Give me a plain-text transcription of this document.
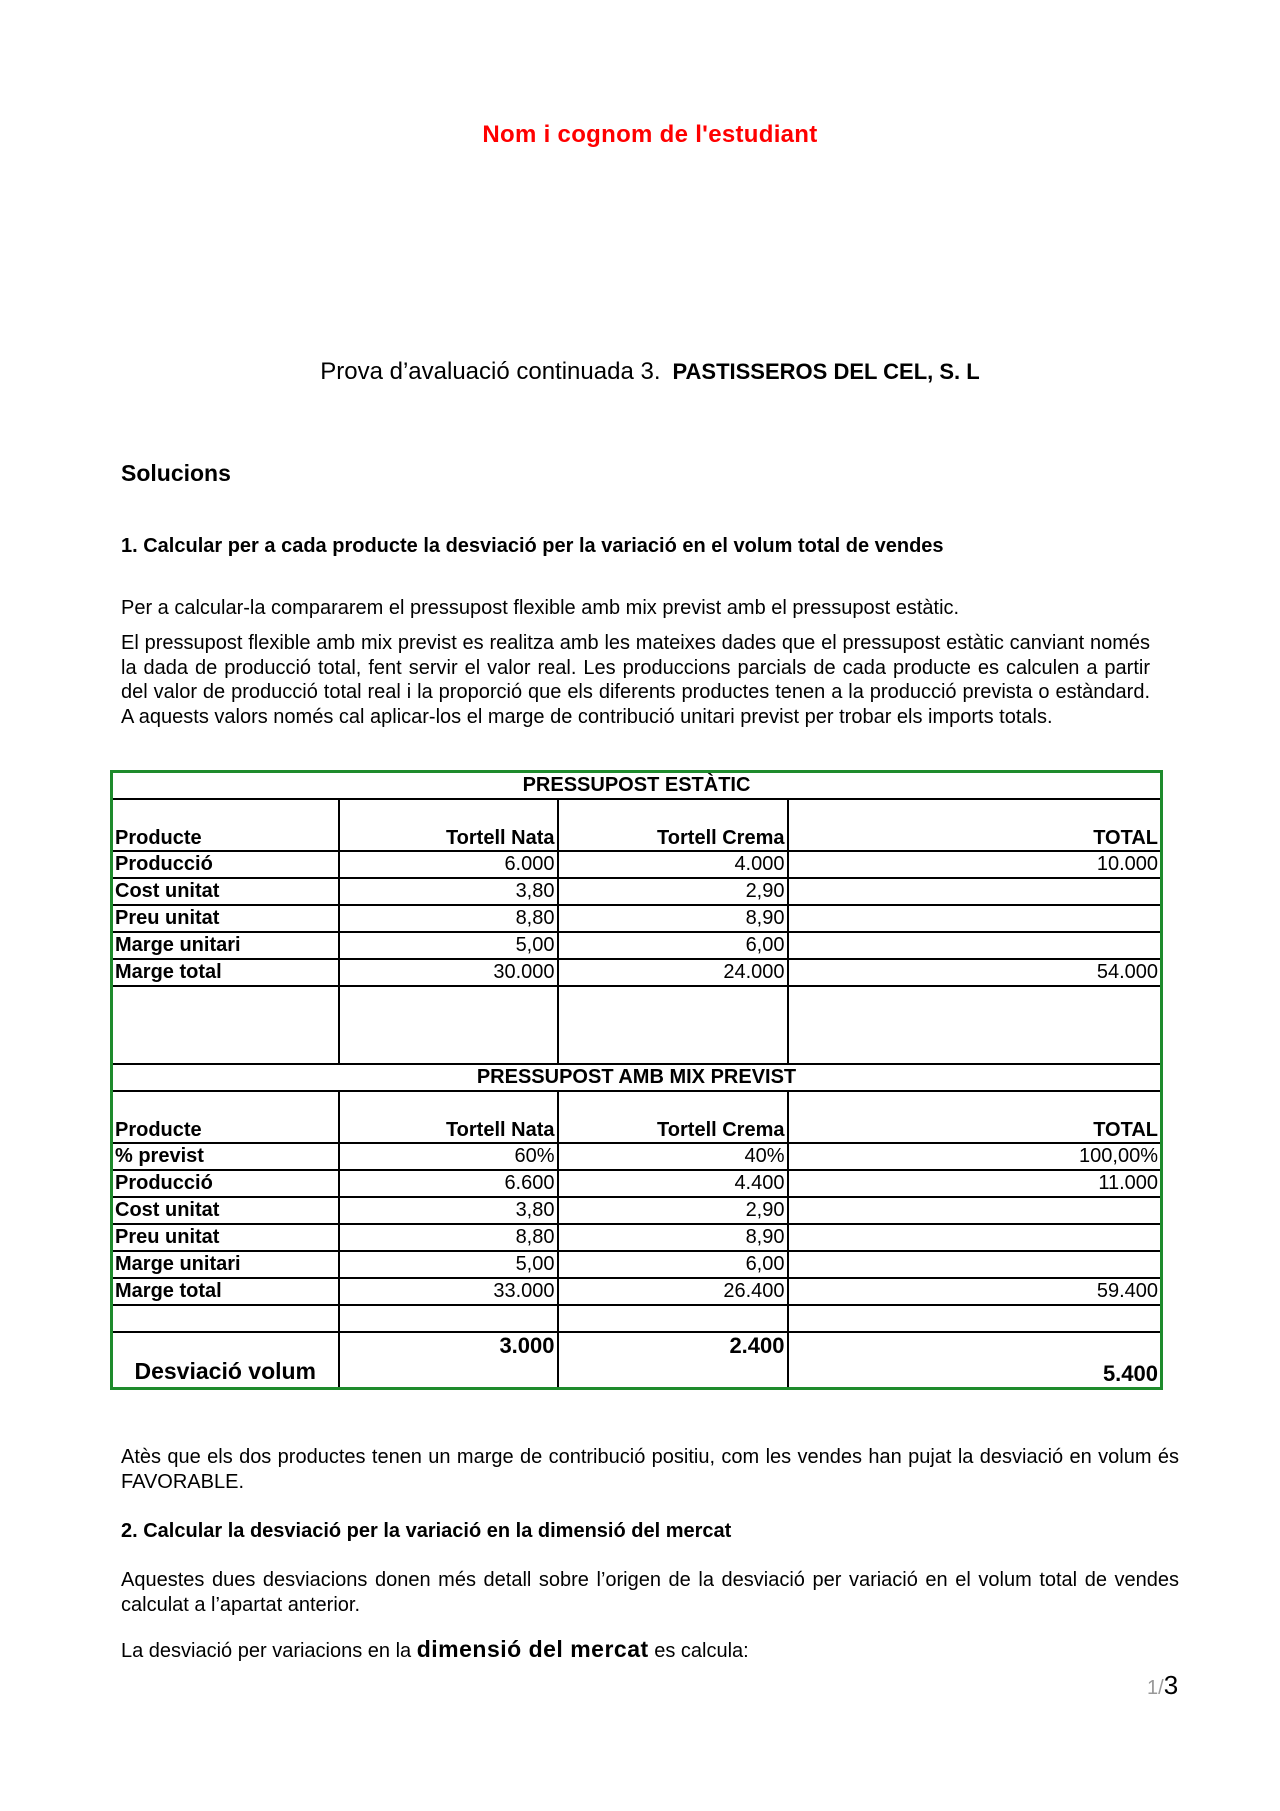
Nom i cognom de l'estudiant
Prova d’avaluació continuada 3. PASTISSEROS DEL CEL, S. L
Solucions
1. Calcular per a cada producte la desviació per la variació en el volum total de vendes
Per a calcular-la compararem el pressupost flexible amb mix previst amb el pressupost estàtic.
El pressupost flexible amb mix previst es realitza amb les mateixes dades que el pressupost estàtic canviant només la dada de producció total, fent servir el valor real. Les produccions parcials de cada producte es calculen a partir del valor de producció total real i la proporció que els diferents productes tenen a la producció prevista o estàndard. A aquests valors només cal aplicar-los el marge de contribució unitari previst per trobar els imports totals.
PRESSUPOST ESTÀTIC			
Producte	Tortell Nata	Tortell Crema	TOTAL
Producció	6.000	4.000	10.000
Cost unitat	3,80	2,90	
Preu unitat	8,80	8,90	
Marge unitari	5,00	6,00	
Marge total	30.000	24.000	54.000

PRESSUPOST AMB MIX PREVIST			
Producte	Tortell Nata	Tortell Crema	TOTAL
% previst	60%	40%	100,00%
Producció	6.600	4.400	11.000
Cost unitat	3,80	2,90	
Preu unitat	8,80	8,90	
Marge unitari	5,00	6,00	
Marge total	33.000	26.400	59.400

Desviació volum	3.000	2.400	5.400
Atès que els dos productes tenen un marge de contribució positiu, com les vendes han pujat la desviació en volum és FAVORABLE.
2. Calcular la desviació per la variació en la dimensió del mercat
Aquestes dues desviacions donen més detall sobre l’origen de la desviació per variació en el volum total de vendes calculat a l’apartat anterior.
La desviació per variacions en la dimensió del mercat es calcula:
1/3
